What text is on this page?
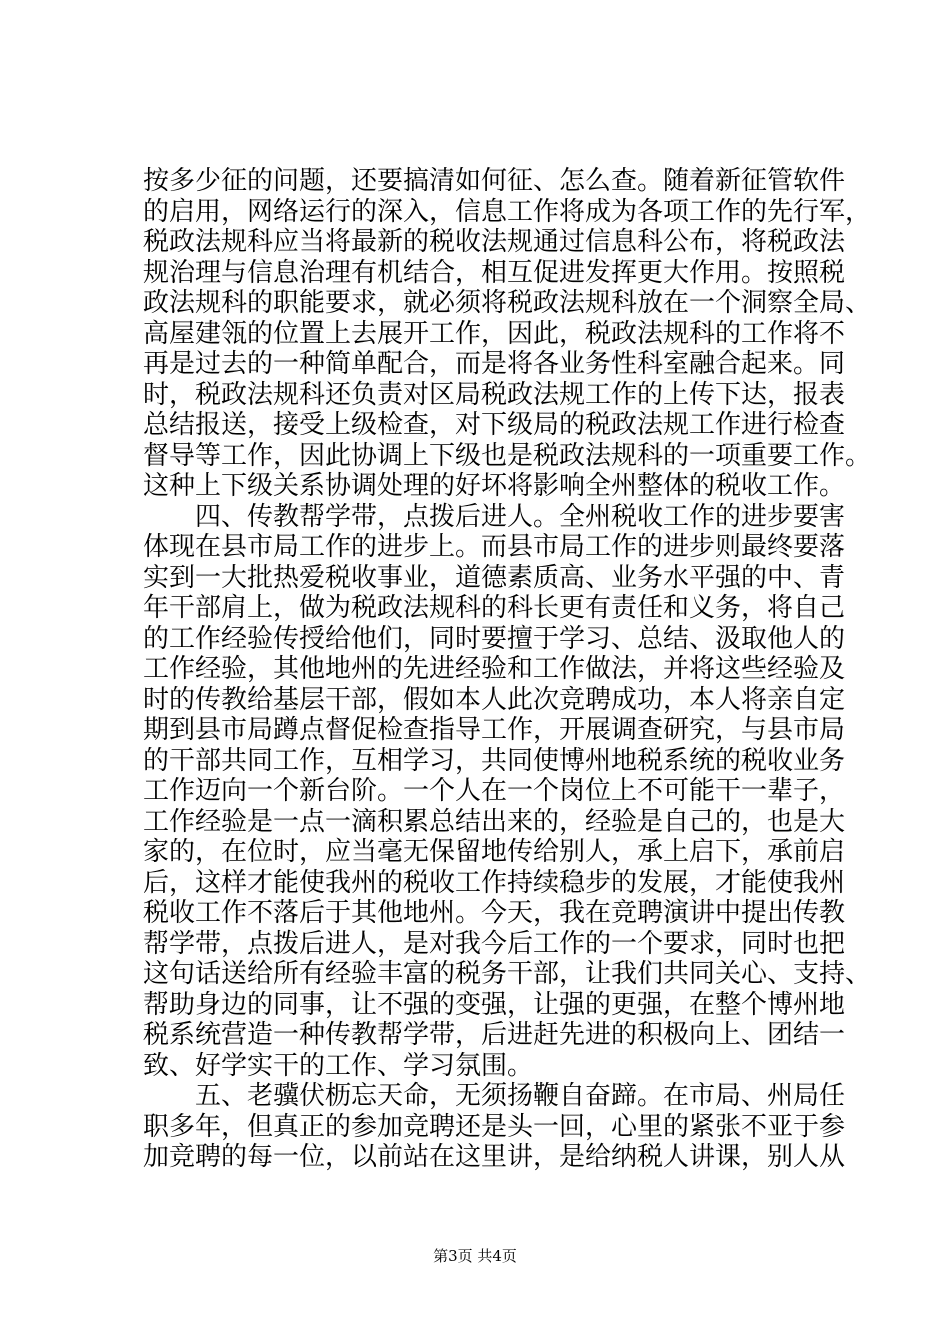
按多少征的问题，还要搞清如何征、怎么查。随着新征管软件
的启用，网络运行的深入，信息工作将成为各项工作的先行军，
税政法规科应当将最新的税收法规通过信息科公布，将税政法
规治理与信息治理有机结合，相互促进发挥更大作用。按照税
政法规科的职能要求，就必须将税政法规科放在一个洞察全局、
高屋建瓴的位置上去展开工作，因此，税政法规科的工作将不
再是过去的一种简单配合，而是将各业务性科室融合起来。同
时，税政法规科还负责对区局税政法规工作的上传下达，报表
总结报送，接受上级检查，对下级局的税政法规工作进行检查
督导等工作，因此协调上下级也是税政法规科的一项重要工作。
这种上下级关系协调处理的好坏将影响全州整体的税收工作。
　　四、传教帮学带，点拨后进人。全州税收工作的进步要害
体现在县市局工作的进步上。而县市局工作的进步则最终要落
实到一大批热爱税收事业，道德素质高、业务水平强的中、青
年干部肩上，做为税政法规科的科长更有责任和义务，将自己
的工作经验传授给他们，同时要擅于学习、总结、汲取他人的
工作经验，其他地州的先进经验和工作做法，并将这些经验及
时的传教给基层干部，假如本人此次竞聘成功，本人将亲自定
期到县市局蹲点督促检查指导工作，开展调查研究，与县市局
的干部共同工作，互相学习，共同使博州地税系统的税收业务
工作迈向一个新台阶。一个人在一个岗位上不可能干一辈子，
工作经验是一点一滴积累总结出来的，经验是自己的，也是大
家的，在位时，应当毫无保留地传给别人，承上启下，承前启
后，这样才能使我州的税收工作持续稳步的发展，才能使我州
税收工作不落后于其他地州。今天，我在竞聘演讲中提出传教
帮学带，点拨后进人，是对我今后工作的一个要求，同时也把
这句话送给所有经验丰富的税务干部，让我们共同关心、支持、
帮助身边的同事，让不强的变强，让强的更强，在整个博州地
税系统营造一种传教帮学带，后进赶先进的积极向上、团结一
致、好学实干的工作、学习氛围。
　　五、老骥伏枥忘天命，无须扬鞭自奋蹄。在市局、州局任
职多年，但真正的参加竞聘还是头一回，心里的紧张不亚于参
加竞聘的每一位，以前站在这里讲，是给纳税人讲课，别人从
第3页 共4页
